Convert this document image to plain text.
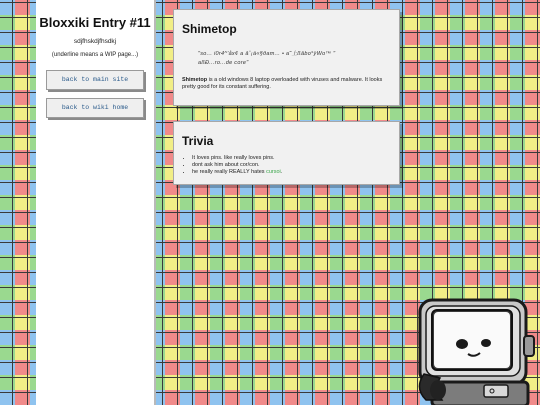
Bloxxiki Entry #11
sdjfhskdjfhsdkj
(underline means a WIP page...)
back to main site
back to wiki home
Shimetop
"so... i0r4^'åx¢ a âˆ¡ä«§ðam... • a˜上ßâbo°ÿWo™ "
aßÐ...ro...de core"
Shimetop is a old windows 8 laptop overloaded with viruses and malware. It looks pretty good for its constant suffering.
Trivia
• It loves pins. like really loves pins.
• dont ask him about cor/con.
• he really really REALLY hates cursoi.
